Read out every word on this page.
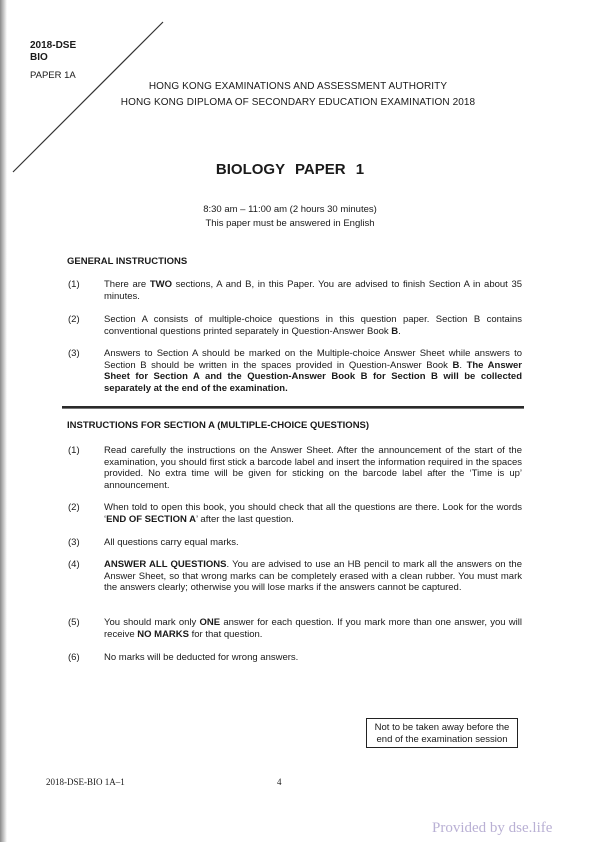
2018-DSE
BIO
PAPER 1A
HONG KONG EXAMINATIONS AND ASSESSMENT AUTHORITY
HONG KONG DIPLOMA OF SECONDARY EDUCATION EXAMINATION 2018
BIOLOGY PAPER 1
8:30 am – 11:00 am (2 hours 30 minutes)
This paper must be answered in English
GENERAL INSTRUCTIONS
(1)	There are TWO sections, A and B, in this Paper. You are advised to finish Section A in about 35 minutes.
(2)	Section A consists of multiple-choice questions in this question paper. Section B contains conventional questions printed separately in Question-Answer Book B.
(3)	Answers to Section A should be marked on the Multiple-choice Answer Sheet while answers to Section B should be written in the spaces provided in Question-Answer Book B. The Answer Sheet for Section A and the Question-Answer Book B for Section B will be collected separately at the end of the examination.
INSTRUCTIONS FOR SECTION A (MULTIPLE-CHOICE QUESTIONS)
(1)	Read carefully the instructions on the Answer Sheet. After the announcement of the start of the examination, you should first stick a barcode label and insert the information required in the spaces provided. No extra time will be given for sticking on the barcode label after the ‘Time is up’ announcement.
(2)	When told to open this book, you should check that all the questions are there. Look for the words ‘END OF SECTION A’ after the last question.
(3)	All questions carry equal marks.
(4)	ANSWER ALL QUESTIONS. You are advised to use an HB pencil to mark all the answers on the Answer Sheet, so that wrong marks can be completely erased with a clean rubber. You must mark the answers clearly; otherwise you will lose marks if the answers cannot be captured.
(5)	You should mark only ONE answer for each question. If you mark more than one answer, you will receive NO MARKS for that question.
(6)	No marks will be deducted for wrong answers.
Not to be taken away before the
end of the examination session
2018-DSE-BIO 1A–1	4
Provided by dse.life
